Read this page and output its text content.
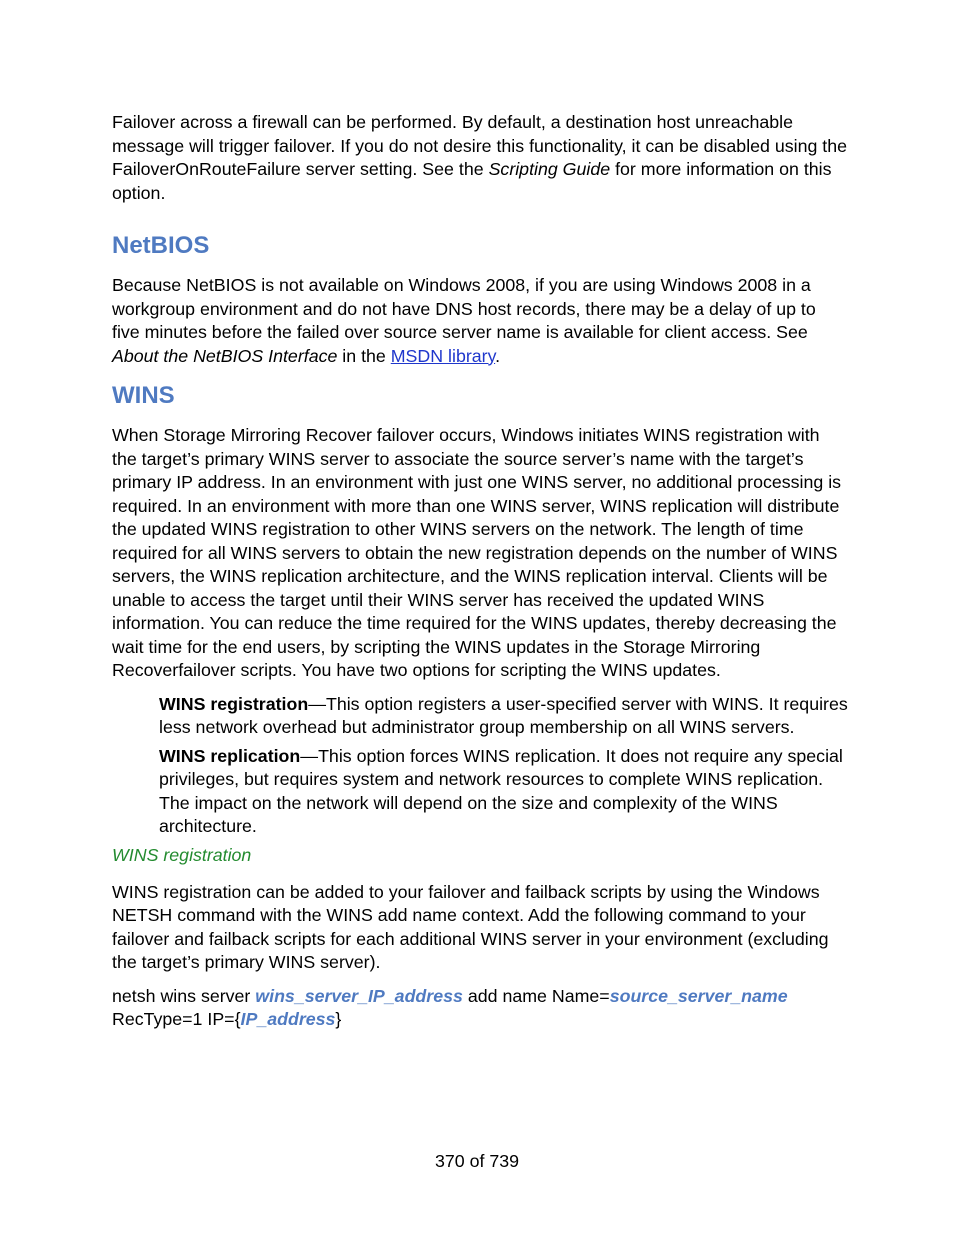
Failover across a firewall can be performed. By default, a destination host unreachable message will trigger failover. If you do not desire this functionality, it can be disabled using the FailoverOnRouteFailure server setting. See the Scripting Guide for more information on this option.

NetBIOS

Because NetBIOS is not available on Windows 2008, if you are using Windows 2008 in a workgroup environment and do not have DNS host records, there may be a delay of up to five minutes before the failed over source server name is available for client access. See About the NetBIOS Interface in the MSDN library.

WINS

When Storage Mirroring Recover failover occurs, Windows initiates WINS registration with the target’s primary WINS server to associate the source server’s name with the target’s primary IP address. In an environment with just one WINS server, no additional processing is required. In an environment with more than one WINS server, WINS replication will distribute the updated WINS registration to other WINS servers on the network. The length of time required for all WINS servers to obtain the new registration depends on the number of WINS servers, the WINS replication architecture, and the WINS replication interval. Clients will be unable to access the target until their WINS server has received the updated WINS information. You can reduce the time required for the WINS updates, thereby decreasing the wait time for the end users, by scripting the WINS updates in the Storage Mirroring Recoverfailover scripts. You have two options for scripting the WINS updates.

WINS registration—This option registers a user-specified server with WINS. It requires less network overhead but administrator group membership on all WINS servers.

WINS replication—This option forces WINS replication. It does not require any special privileges, but requires system and network resources to complete WINS replication. The impact on the network will depend on the size and complexity of the WINS architecture.

WINS registration

WINS registration can be added to your failover and failback scripts by using the Windows NETSH command with the WINS add name context. Add the following command to your failover and failback scripts for each additional WINS server in your environment (excluding the target’s primary WINS server).

netsh wins server wins_server_IP_address add name Name=source_server_name RecType=1 IP={IP_address}

370 of 739
